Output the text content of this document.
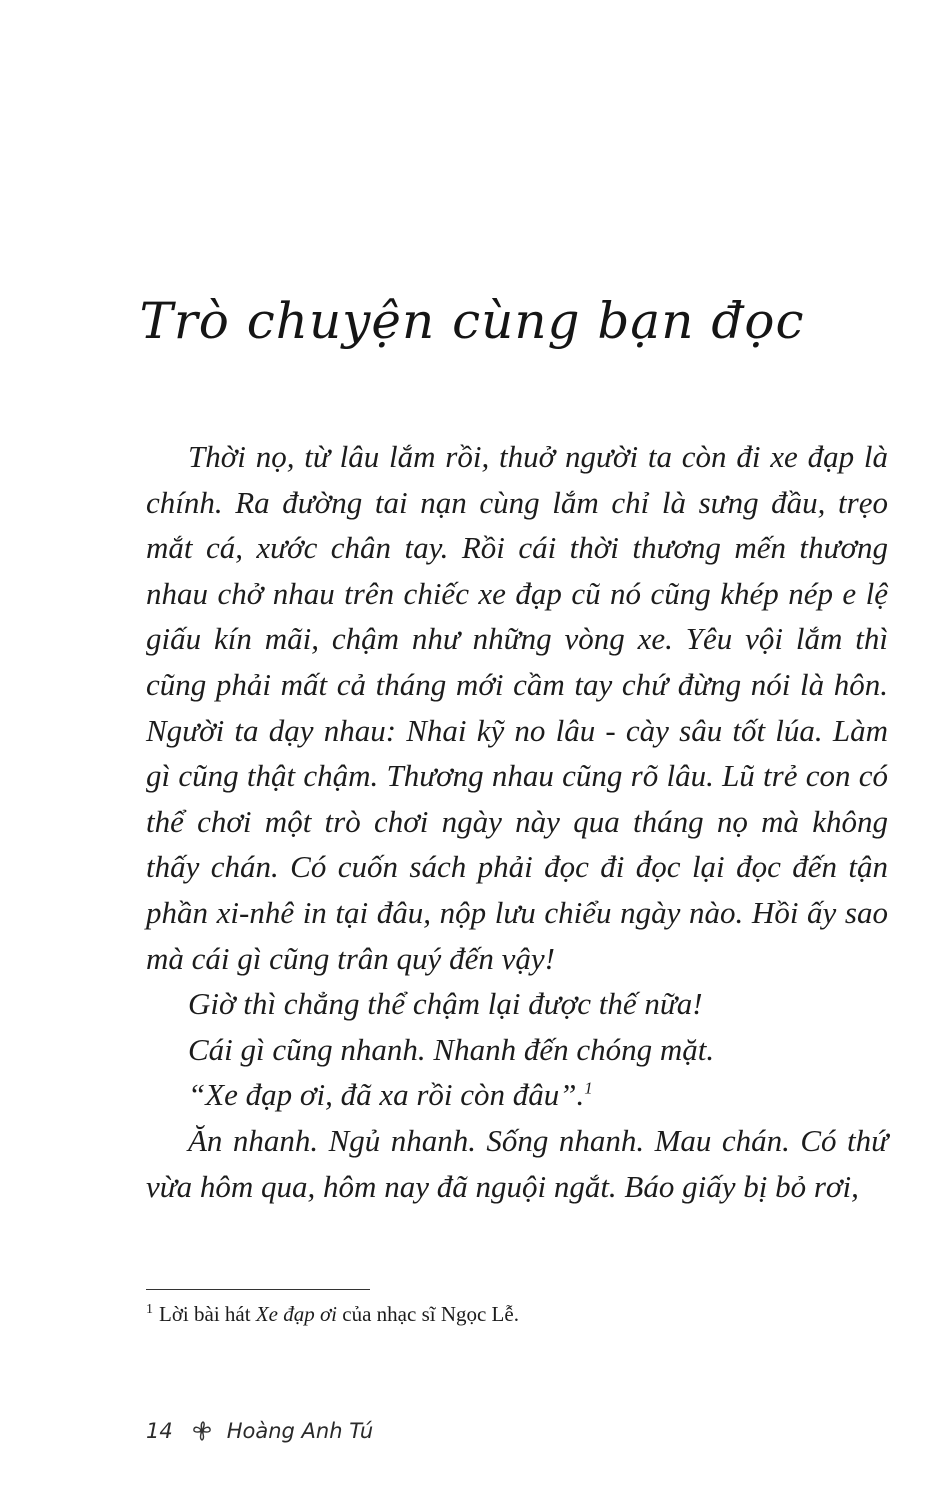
Trò chuyện cùng bạn đọc

Thời nọ, từ lâu lắm rồi, thuở người ta còn đi xe đạp là chính. Ra đường tai nạn cùng lắm chỉ là sưng đầu, trẹo mắt cá, xước chân tay. Rồi cái thời thương mến thương nhau chở nhau trên chiếc xe đạp cũ nó cũng khép nép e lệ giấu kín mãi, chậm như những vòng xe. Yêu vội lắm thì cũng phải mất cả tháng mới cầm tay chứ đừng nói là hôn. Người ta dạy nhau: Nhai kỹ no lâu - cày sâu tốt lúa. Làm gì cũng thật chậm. Thương nhau cũng rõ lâu. Lũ trẻ con có thể chơi một trò chơi ngày này qua tháng nọ mà không thấy chán. Có cuốn sách phải đọc đi đọc lại đọc đến tận phần xi-nhê in tại đâu, nộp lưu chiểu ngày nào. Hồi ấy sao mà cái gì cũng trân quý đến vậy!

Giờ thì chẳng thể chậm lại được thế nữa!

Cái gì cũng nhanh. Nhanh đến chóng mặt.

“Xe đạp ơi, đã xa rồi còn đâu”.$^1$

Ăn nhanh. Ngủ nhanh. Sống nhanh. Mau chán. Có thứ vừa hôm qua, hôm nay đã nguội ngắt. Báo giấy bị bỏ rơi,

$^1$ Lời bài hát Xe đạp ơi của nhạc sĩ Ngọc Lễ.
14	Hoàng Anh Tú
